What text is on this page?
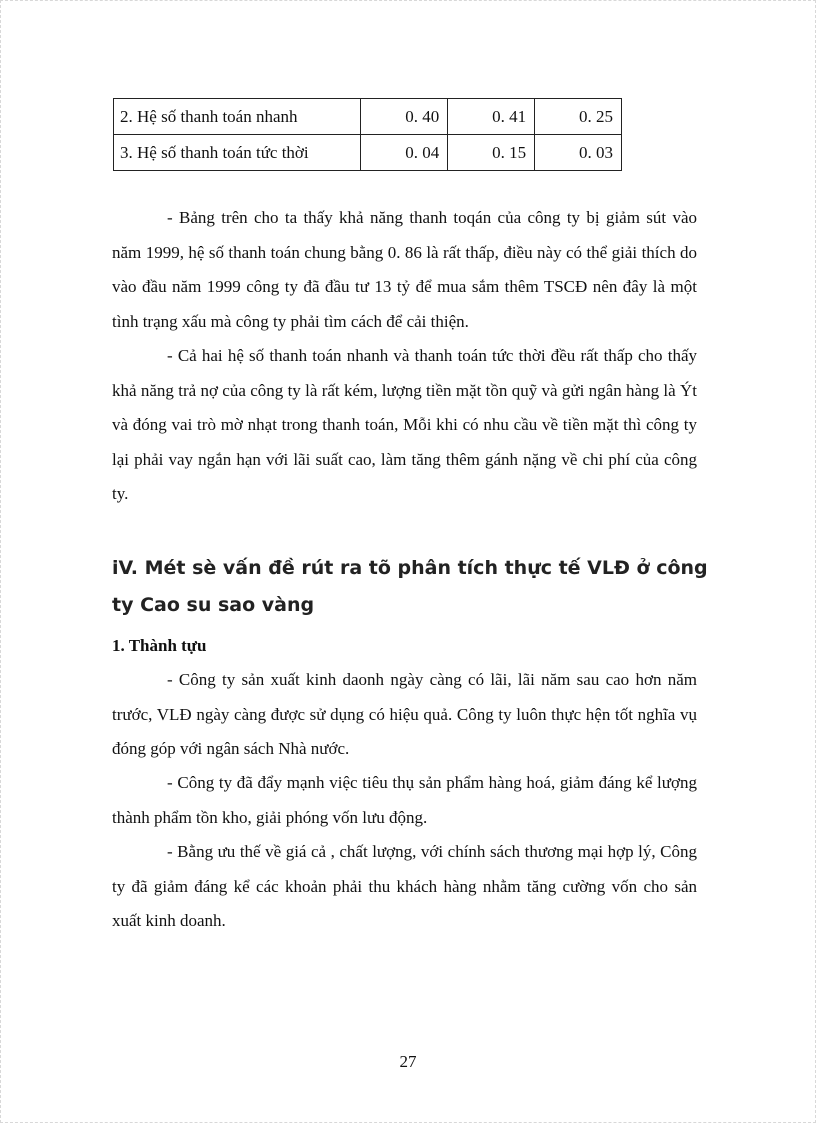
2. Hệ số thanh toán nhanh	0. 40	0. 41	0. 25
3. Hệ số thanh toán tức thời	0. 04	0. 15	0. 03

- Bảng trên cho ta thấy khả năng thanh toqán của công ty bị giảm sút vào năm 1999, hệ số thanh toán chung bằng 0. 86 là rất thấp, điều này có thể giải thích do vào đầu năm 1999 công ty đã đầu tư 13 tỷ để mua sắm thêm TSCĐ nên đây là một tình trạng xấu mà công ty phải tìm cách để cải thiện.

- Cả hai hệ số thanh toán nhanh và thanh toán tức thời đều rất thấp cho thấy khả năng trả nợ của công ty là rất kém, lượng tiền mặt tồn quỹ và gửi ngân hàng là Ýt và đóng vai trò mờ nhạt trong thanh toán, Mỗi khi có nhu cầu về tiền mặt thì công ty lại phải vay ngắn hạn với lãi suất cao, làm tăng thêm gánh nặng về chi phí của công ty.

iV. Mét sè vấn đề rút ra tõ phân tích thực tế VLĐ ở công ty Cao su sao vàng
1. Thành tựu

- Công ty sản xuất kinh daonh ngày càng có lãi, lãi năm sau cao hơn năm trước, VLĐ ngày càng được sử dụng có hiệu quả. Công ty luôn thực hện tốt nghĩa vụ đóng góp với ngân sách Nhà nước.

- Công ty đã đẩy mạnh việc tiêu thụ sản phẩm hàng hoá, giảm đáng kể lượng thành phẩm tồn kho, giải phóng vốn lưu động.

- Bằng ưu thế về giá cả , chất lượng, với chính sách thương mại hợp lý, Công ty đã giảm đáng kể các khoản phải thu khách hàng nhằm tăng cường vốn cho sản xuất kinh doanh.

27
